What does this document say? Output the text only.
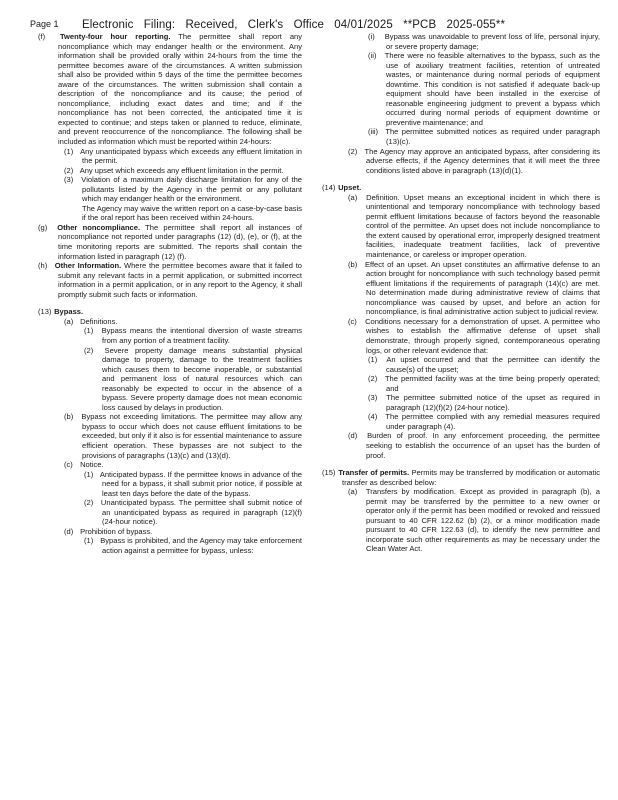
Page 1 Electronic Filing: Received, Clerk's Office 04/01/2025 **PCB 2025-055**

(f) Twenty-four hour reporting. The permittee shall report any noncompliance which may endanger health or the environment. Any information shall be provided orally within 24-hours from the time the permittee becomes aware of the circumstances. A written submission shall also be provided within 5 days of the time the permittee becomes aware of the circumstances. The written submission shall contain a description of the noncompliance and its cause; the period of noncompliance, including exact dates and time; and if the noncompliance has not been corrected, the anticipated time it is expected to continue; and steps taken or planned to reduce, eliminate, and prevent reoccurrence of the noncompliance. The following shall be included as information which must be reported within 24-hours:

(1) Any unanticipated bypass which exceeds any effluent limitation in the permit.

(2) Any upset which exceeds any effluent limitation in the permit.

(3) Violation of a maximum daily discharge limitation for any of the pollutants listed by the Agency in the permit or any pollutant which may endanger health or the environment.

The Agency may waive the written report on a case-by-case basis if the oral report has been received within 24-hours.

(g) Other noncompliance. The permittee shall report all instances of noncompliance not reported under paragraphs (12) (d), (e), or (f), at the time monitoring reports are submitted. The reports shall contain the information listed in paragraph (12) (f).

(h) Other Information. Where the permittee becomes aware that it failed to submit any relevant facts in a permit application, or submitted incorrect information in a permit application, or in any report to the Agency, it shall promptly submit such facts or information.

(13) Bypass.

(a) Definitions.

(1) Bypass means the intentional diversion of waste streams from any portion of a treatment facility.

(2) Severe property damage means substantial physical damage to property, damage to the treatment facilities which causes them to become inoperable, or substantial and permanent loss of natural resources which can reasonably be expected to occur in the absence of a bypass. Severe property damage does not mean economic loss caused by delays in production.

(b) Bypass not exceeding limitations. The permittee may allow any bypass to occur which does not cause effluent limitations to be exceeded, but only if it also is for essential maintenance to assure efficient operation. These bypasses are not subject to the provisions of paragraphs (13)(c) and (13)(d).

(c) Notice.

(1) Anticipated bypass. If the permittee knows in advance of the need for a bypass, it shall submit prior notice, if possible at least ten days before the date of the bypass.

(2) Unanticipated bypass. The permittee shall submit notice of an unanticipated bypass as required in paragraph (12)(f) (24-hour notice).

(d) Prohibition of bypass.

(1) Bypass is prohibited, and the Agency may take enforcement action against a permittee for bypass, unless:

(i) Bypass was unavoidable to prevent loss of life, personal injury, or severe property damage;

(ii) There were no feasible alternatives to the bypass, such as the use of auxiliary treatment facilities, retention of untreated wastes, or maintenance during normal periods of equipment downtime. This condition is not satisfied if adequate back-up equipment should have been installed in the exercise of reasonable engineering judgment to prevent a bypass which occurred during normal periods of equipment downtime or preventive maintenance; and

(iii) The permittee submitted notices as required under paragraph (13)(c).

(2) The Agency may approve an anticipated bypass, after considering its adverse effects, if the Agency determines that it will meet the three conditions listed above in paragraph (13)(d)(1).

(14) Upset.

(a) Definition. Upset means an exceptional incident in which there is unintentional and temporary noncompliance with technology based permit effluent limitations because of factors beyond the reasonable control of the permittee. An upset does not include noncompliance to the extent caused by operational error, improperly designed treatment facilities, inadequate treatment facilities, lack of preventive maintenance, or careless or improper operation.

(b) Effect of an upset. An upset constitutes an affirmative defense to an action brought for noncompliance with such technology based permit effluent limitations if the requirements of paragraph (14)(c) are met. No determination made during administrative review of claims that noncompliance was caused by upset, and before an action for noncompliance, is final administrative action subject to judicial review.

(c) Conditions necessary for a demonstration of upset. A permittee who wishes to establish the affirmative defense of upset shall demonstrate, through properly signed, contemporaneous operating logs, or other relevant evidence that:

(1) An upset occurred and that the permittee can identify the cause(s) of the upset;

(2) The permitted facility was at the time being properly operated; and

(3) The permittee submitted notice of the upset as required in paragraph (12)(f)(2) (24-hour notice).

(4) The permittee complied with any remedial measures required under paragraph (4).

(d) Burden of proof. In any enforcement proceeding, the permittee seeking to establish the occurrence of an upset has the burden of proof.

(15) Transfer of permits. Permits may be transferred by modification or automatic transfer as described below:

(a) Transfers by modification. Except as provided in paragraph (b), a permit may be transferred by the permittee to a new owner or operator only if the permit has been modified or revoked and reissued pursuant to 40 CFR 122.62 (b) (2), or a minor modification made pursuant to 40 CFR 122.63 (d), to identify the new permittee and incorporate such other requirements as may be necessary under the Clean Water Act.
